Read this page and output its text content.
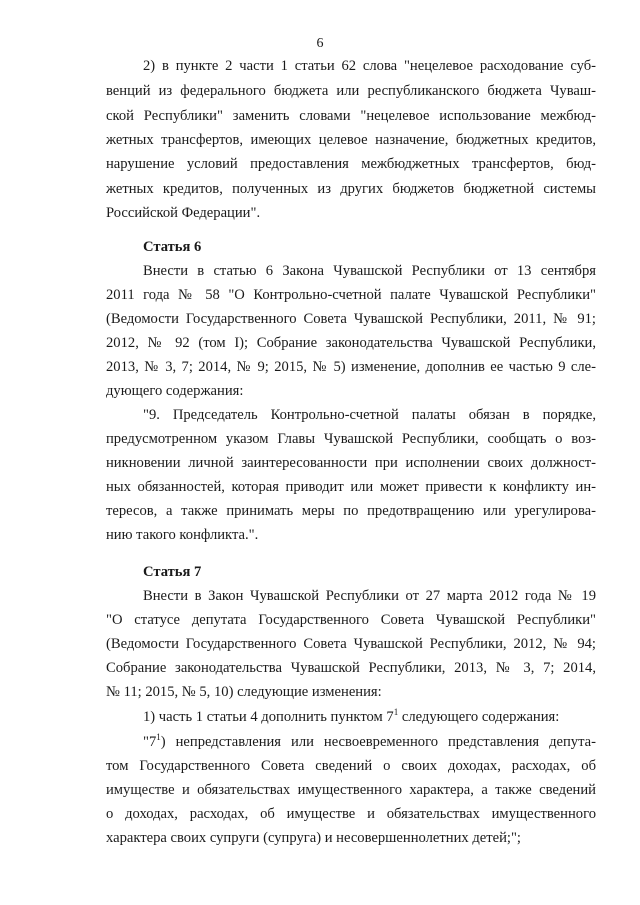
6
2) в пункте 2 части 1 статьи 62 слова "нецелевое расходование суб-
венций из федерального бюджета или республиканского бюджета Чуваш-
ской Республики" заменить словами "нецелевое использование межбюд-
жетных трансфертов, имеющих целевое назначение, бюджетных кредитов,
нарушение условий предоставления межбюджетных трансфертов, бюд-
жетных кредитов, полученных из других бюджетов бюджетной системы
Российской Федерации".
Статья 6
Внести в статью 6 Закона Чувашской Республики от 13 сентября
2011 года № 58 "О Контрольно-счетной палате Чувашской Республики"
(Ведомости Государственного Совета Чувашской Республики, 2011, № 91;
2012, № 92 (том I); Собрание законодательства Чувашской Республики,
2013, № 3, 7; 2014, № 9; 2015, № 5) изменение, дополнив ее частью 9 сле-
дующего содержания:
"9. Председатель Контрольно-счетной палаты обязан в порядке,
предусмотренном указом Главы Чувашской Республики, сообщать о воз-
никновении личной заинтересованности при исполнении своих должност-
ных обязанностей, которая приводит или может привести к конфликту ин-
тересов, а также принимать меры по предотвращению или урегулирова-
нию такого конфликта.".
Статья 7
Внести в Закон Чувашской Республики от 27 марта 2012 года № 19
"О статусе депутата Государственного Совета Чувашской Республики"
(Ведомости Государственного Совета Чувашской Республики, 2012, № 94;
Собрание законодательства Чувашской Республики, 2013, № 3, 7; 2014,
№ 11; 2015, № 5, 10) следующие изменения:
1) часть 1 статьи 4 дополнить пунктом $7^1$ следующего содержания:
"$7^1$) непредставления или несвоевременного представления депута-
том Государственного Совета сведений о своих доходах, расходах, об
имуществе и обязательствах имущественного характера, а также сведений
о доходах, расходах, об имуществе и обязательствах имущественного
характера своих супруги (супруга) и несовершеннолетних детей;";
